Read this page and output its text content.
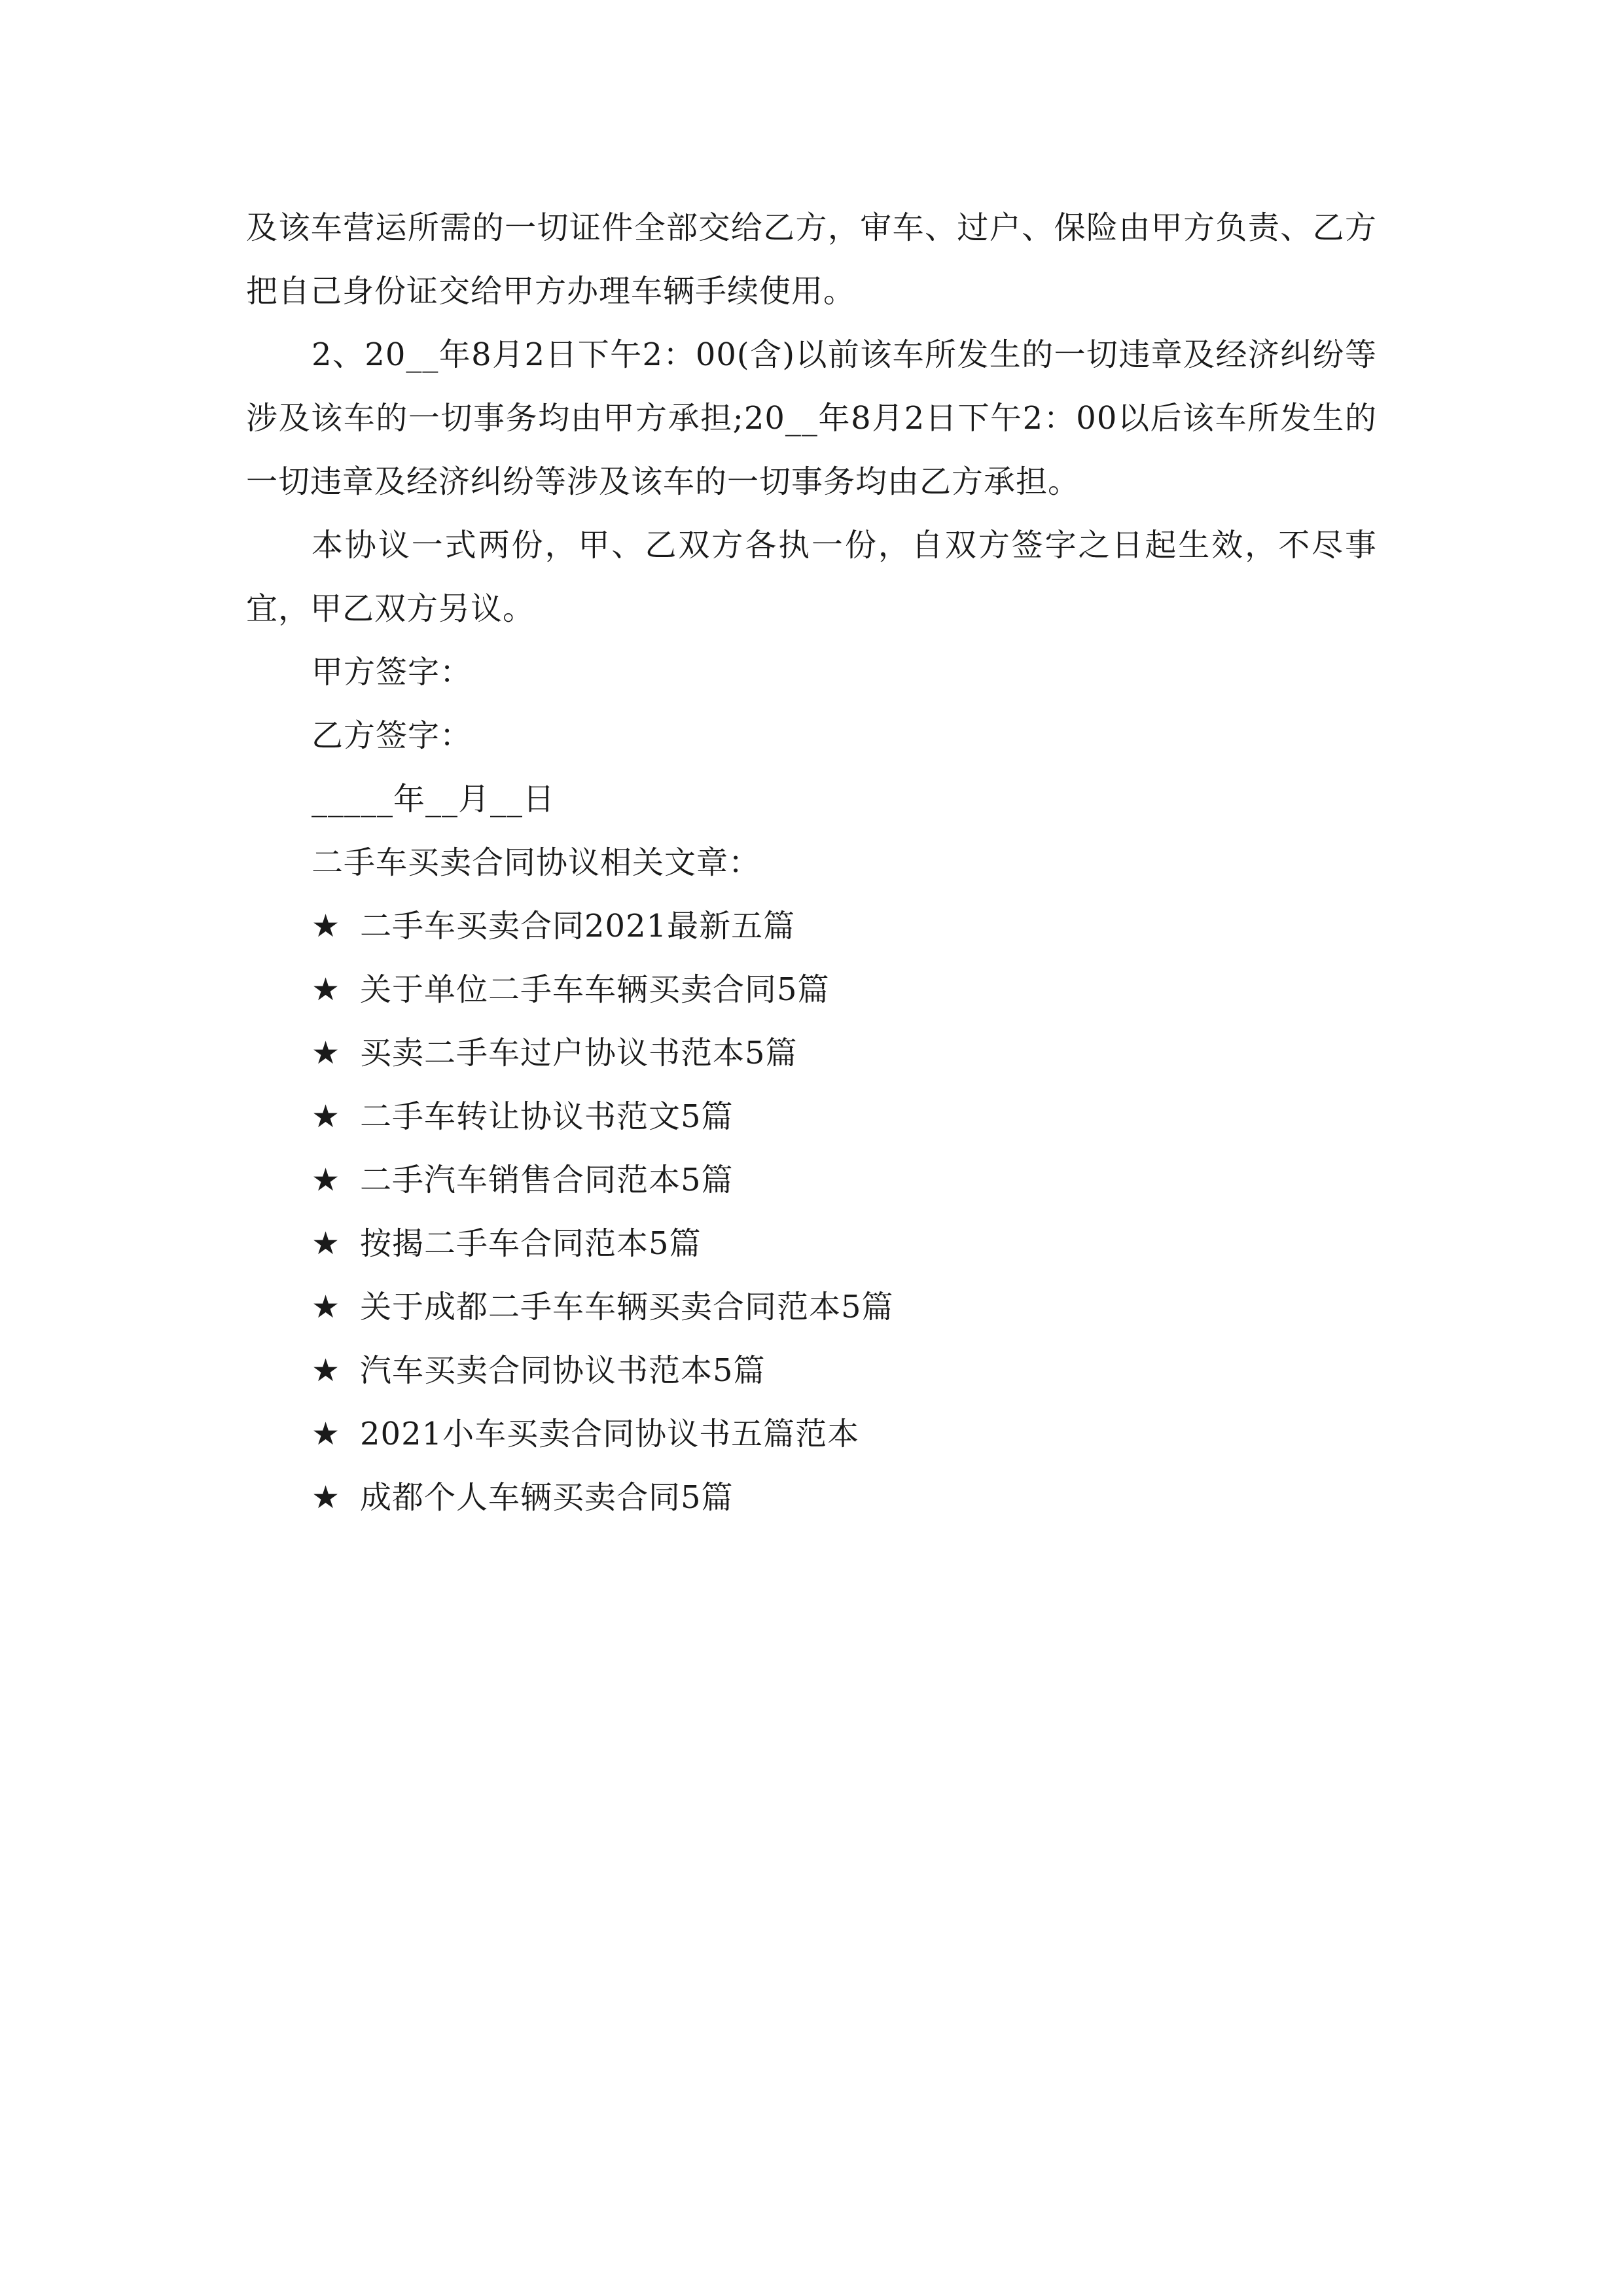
及该车营运所需的一切证件全部交给乙方，审车、过户、保险由甲方负责、乙方把自己身份证交给甲方办理车辆手续使用。

2、20__年8月2日下午2：00(含)以前该车所发生的一切违章及经济纠纷等涉及该车的一切事务均由甲方承担;20__年8月2日下午2：00以后该车所发生的一切违章及经济纠纷等涉及该车的一切事务均由乙方承担。

本协议一式两份，甲、乙双方各执一份，自双方签字之日起生效，不尽事宜，甲乙双方另议。

甲方签字：

乙方签字：

_____年__月__日

二手车买卖合同协议相关文章：

★ 二手车买卖合同2021最新五篇

★ 关于单位二手车车辆买卖合同5篇

★ 买卖二手车过户协议书范本5篇

★ 二手车转让协议书范文5篇

★ 二手汽车销售合同范本5篇

★ 按揭二手车合同范本5篇

★ 关于成都二手车车辆买卖合同范本5篇

★ 汽车买卖合同协议书范本5篇

★ 2021小车买卖合同协议书五篇范本

★ 成都个人车辆买卖合同5篇
